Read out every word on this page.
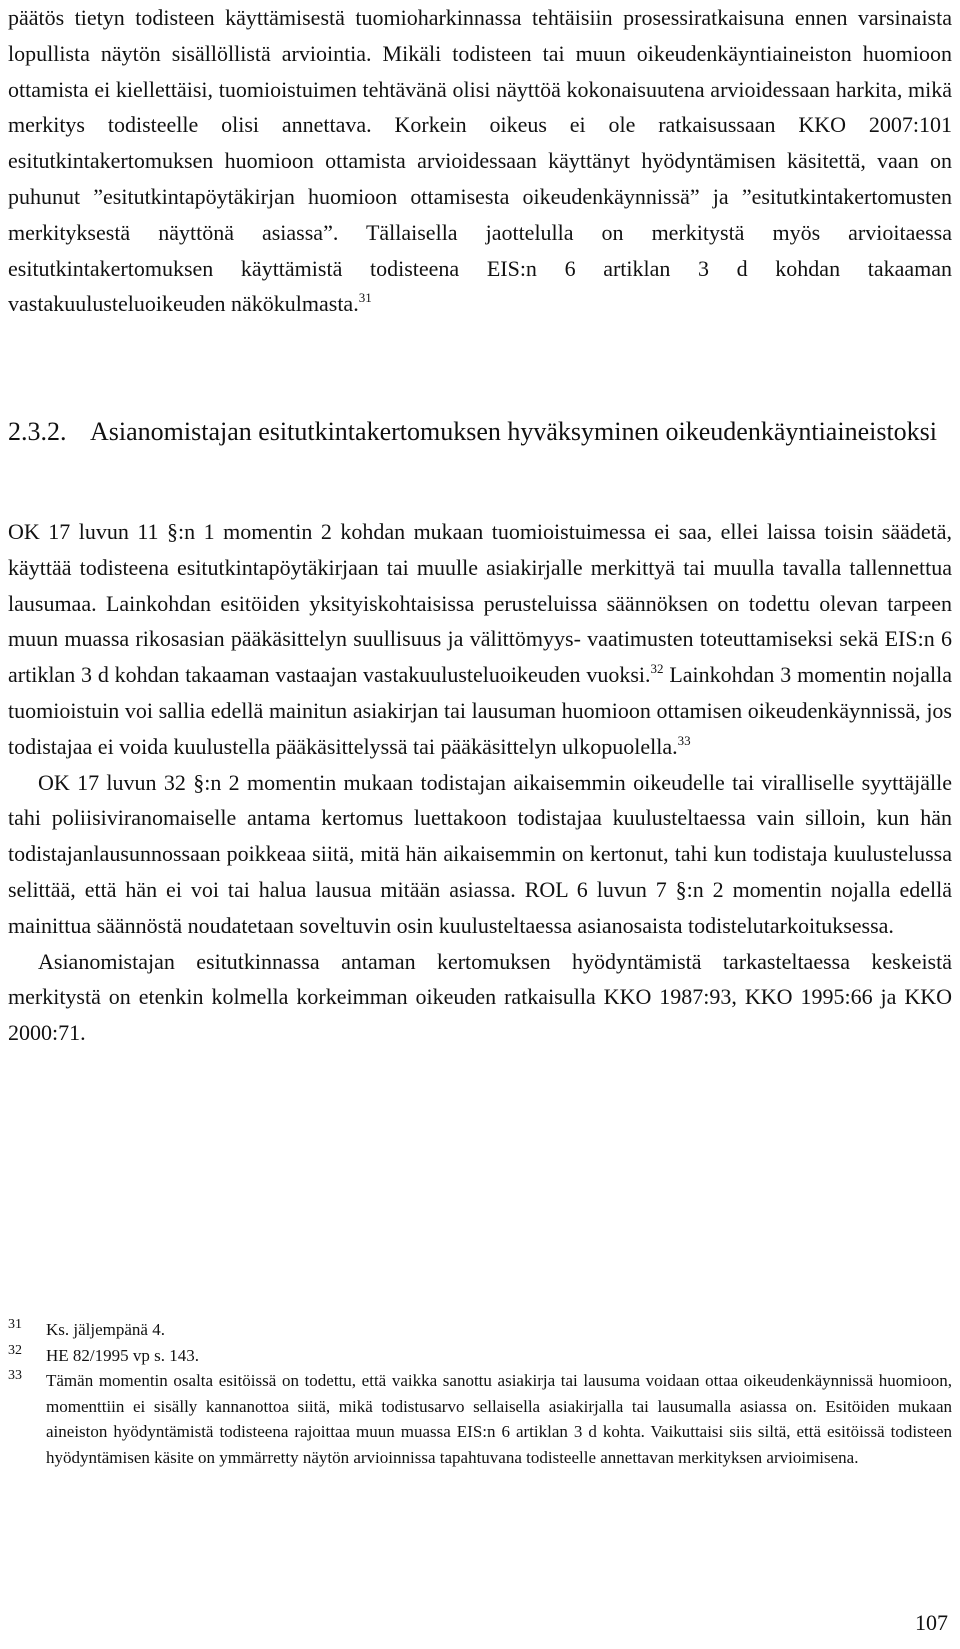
päätös tietyn todisteen käyttämisestä tuomioharkinnassa tehtäisiin prosessiratkaisuna ennen varsinaista lopullista näytön sisällöllistä arviointia. Mikäli todisteen tai muun oikeudenkäyntiaineiston huomioon ottamista ei kiellettäisi, tuomioistuimen tehtävänä olisi näyttöä kokonaisuutena arvioidessaan harkita, mikä merkitys todisteelle olisi annettava. Korkein oikeus ei ole ratkaisussaan KKO 2007:101 esitutkintakertomuksen huomioon ottamista arvioidessaan käyttänyt hyödyntämisen käsitettä, vaan on puhunut ”esitutkintapöytäkirjan huomioon ottamisesta oikeudenkäynnissä” ja ”esitutkintakertomusten merkityksestä näyttönä asiassa”. Tällaisella jaottelulla on merkitystä myös arvioitaessa esitutkintakertomuksen käyttämistä todisteena EIS:n 6 artiklan 3 d kohdan takaaman vastakuulusteluoikeuden näkökulmasta.$^{31}$

2.3.2. Asianomistajan esitutkintakertomuksen hyväksyminen oikeudenkäyntiaineistoksi

OK 17 luvun 11 §:n 1 momentin 2 kohdan mukaan tuomioistuimessa ei saa, ellei laissa toisin säädetä, käyttää todisteena esitutkintapöytäkirjaan tai muulle asiakirjalle merkittyä tai muulla tavalla tallennettua lausumaa. Lainkohdan esitöiden yksityiskohtaisissa perusteluissa säännöksen on todettu olevan tarpeen muun muassa rikosasian pääkäsittelyn suullisuus ja välittömyys- vaatimusten toteuttamiseksi sekä EIS:n 6 artiklan 3 d kohdan takaaman vastaajan vastakuulusteluoikeuden vuoksi.$^{32}$ Lainkohdan 3 momentin nojalla tuomioistuin voi sallia edellä mainitun asiakirjan tai lausuman huomioon ottamisen oikeudenkäynnissä, jos todistajaa ei voida kuulustella pääkäsittelyssä tai pääkäsittelyn ulkopuolella.$^{33}$

OK 17 luvun 32 §:n 2 momentin mukaan todistajan aikaisemmin oikeudelle tai viralliselle syyttäjälle tahi poliisiviranomaiselle antama kertomus luettakoon todistajaa kuulusteltaessa vain silloin, kun hän todistajanlausunnossaan poikkeaa siitä, mitä hän aikaisemmin on kertonut, tahi kun todistaja kuulustelussa selittää, että hän ei voi tai halua lausua mitään asiassa. ROL 6 luvun 7 §:n 2 momentin nojalla edellä mainittua säännöstä noudatetaan soveltuvin osin kuulusteltaessa asianosaista todistelutarkoituksessa.

Asianomistajan esitutkinnassa antaman kertomuksen hyödyntämistä tarkasteltaessa keskeistä merkitystä on etenkin kolmella korkeimman oikeuden ratkaisulla KKO 1987:93, KKO 1995:66 ja KKO 2000:71.

31 Ks. jäljempänä 4.
32 HE 82/1995 vp s. 143.
33 Tämän momentin osalta esitöissä on todettu, että vaikka sanottu asiakirja tai lausuma voidaan ottaa oikeudenkäynnissä huomioon, momenttiin ei sisälly kannanottoa siitä, mikä todistusarvo sellaisella asiakirjalla tai lausumalla asiassa on. Esitöiden mukaan aineiston hyödyntämistä todisteena rajoittaa muun muassa EIS:n 6 artiklan 3 d kohta. Vaikuttaisi siis siltä, että esitöissä todisteen hyödyntämisen käsite on ymmärretty näytön arvioinnissa tapahtuvana todisteelle annettavan merkityksen arvioimisena.
107
